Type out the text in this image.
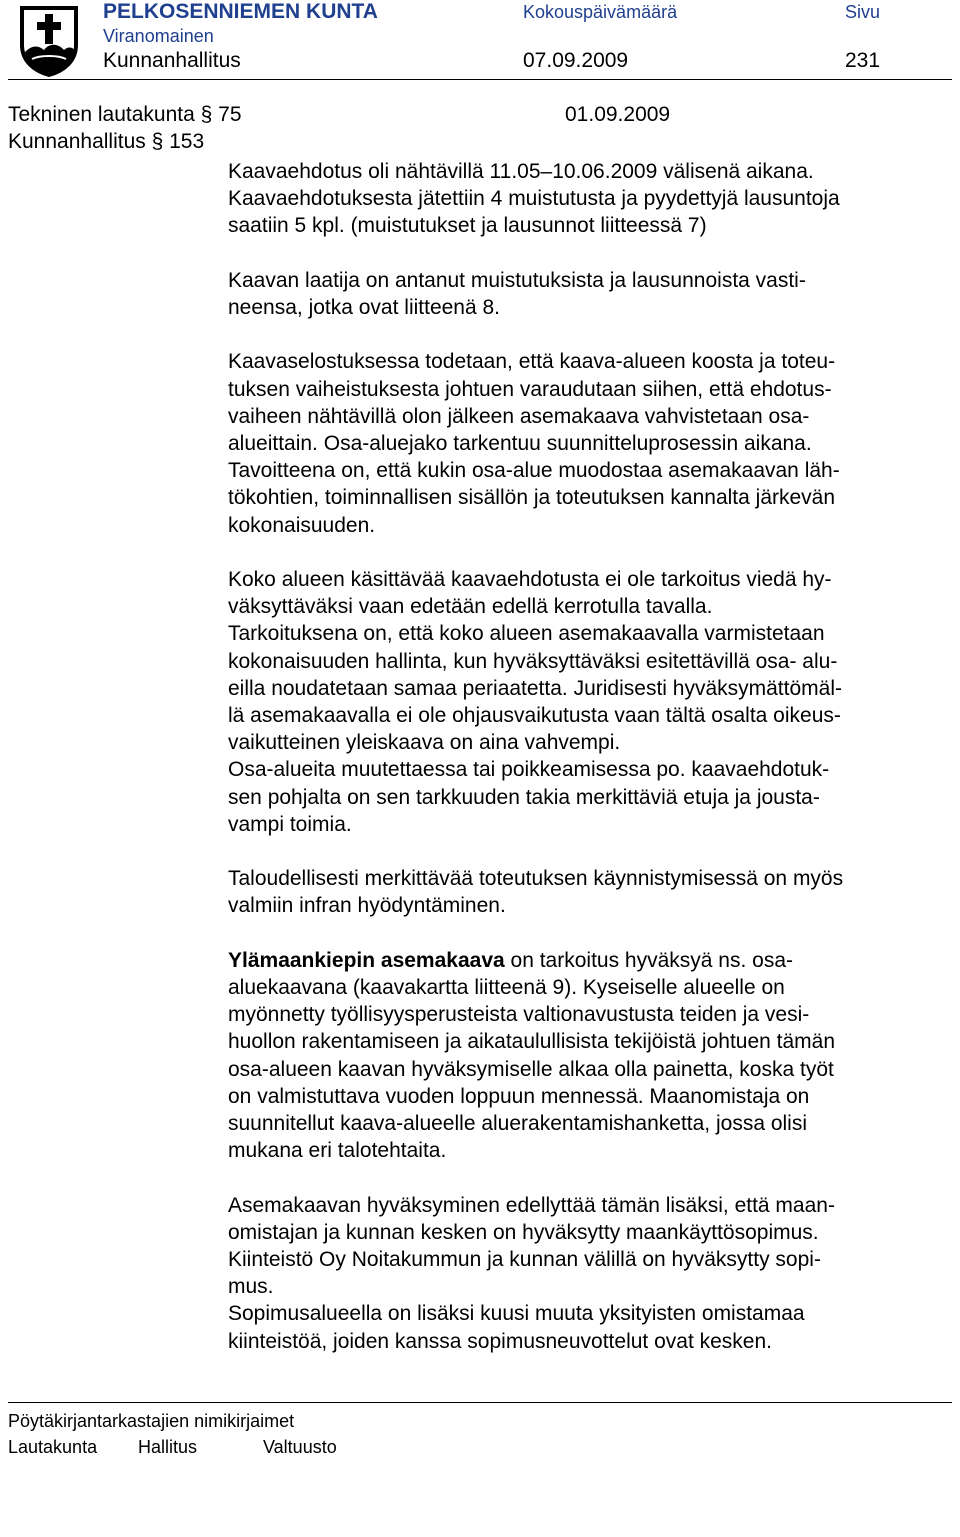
PELKOSENNIEMEN KUNTA	Kokouspäivämäärä	Sivu
Viranomainen
Kunnanhallitus	07.09.2009	231
Tekninen lautakunta § 75	01.09.2009
Kunnanhallitus § 153
Kaavaehdotus oli nähtävillä 11.05–10.06.2009 välisenä aikana.
Kaavaehdotuksesta jätettiin 4 muistutusta ja pyydettyjä lausuntoja
saatiin 5 kpl. (muistutukset ja lausunnot liitteessä 7)
Kaavan laatija on antanut muistutuksista ja lausunnoista vasti-
neensa, jotka ovat liitteenä 8.
Kaavaselostuksessa todetaan, että kaava-alueen koosta ja toteu-
tuksen vaiheistuksesta johtuen varaudutaan siihen, että ehdotus-
vaiheen nähtävillä olon jälkeen asemakaava vahvistetaan osa-
alueittain. Osa-aluejako tarkentuu suunnitteluprosessin aikana.
Tavoitteena on, että kukin osa-alue muodostaa asemakaavan läh-
tökohtien, toiminnallisen sisällön ja toteutuksen kannalta järkevän
kokonaisuuden.
Koko alueen käsittävää kaavaehdotusta ei ole tarkoitus viedä hy-
väksyttäväksi vaan edetään edellä kerrotulla tavalla.
Tarkoituksena on, että koko alueen asemakaavalla varmistetaan
kokonaisuuden hallinta, kun hyväksyttäväksi esitettävillä osa- alu-
eilla noudatetaan samaa periaatetta. Juridisesti hyväksymättömäl-
lä asemakaavalla ei ole ohjausvaikutusta vaan tältä osalta oikeus-
vaikutteinen yleiskaava on aina vahvempi.
Osa-alueita muutettaessa tai poikkeamisessa po. kaavaehdotuk-
sen pohjalta on sen tarkkuuden takia merkittäviä etuja ja jousta-
vampi toimia.
Taloudellisesti merkittävää toteutuksen käynnistymisessä on myös
valmiin infran hyödyntäminen.
Ylämaankiepin asemakaava on tarkoitus hyväksyä ns. osa-
aluekaavana (kaavakartta liitteenä 9). Kyseiselle alueelle on
myönnetty työllisyysperusteista valtionavustusta teiden ja vesi-
huollon rakentamiseen ja aikataulullisista tekijöistä johtuen tämän
osa-alueen kaavan hyväksymiselle alkaa olla painetta, koska työt
on valmistuttava vuoden loppuun mennessä. Maanomistaja on
suunnitellut kaava-alueelle aluerakentamishanketta, jossa olisi
mukana eri talotehtaita.
Asemakaavan hyväksyminen edellyttää tämän lisäksi, että maan-
omistajan ja kunnan kesken on hyväksytty maankäyttösopimus.
Kiinteistö Oy Noitakummun ja kunnan välillä on hyväksytty sopi-
mus.
Sopimusalueella on lisäksi kuusi muuta yksityisten omistamaa
kiinteistöä, joiden kanssa sopimusneuvottelut ovat kesken.
Pöytäkirjantarkastajien nimikirjaimet
Lautakunta Hallitus	Valtuusto
